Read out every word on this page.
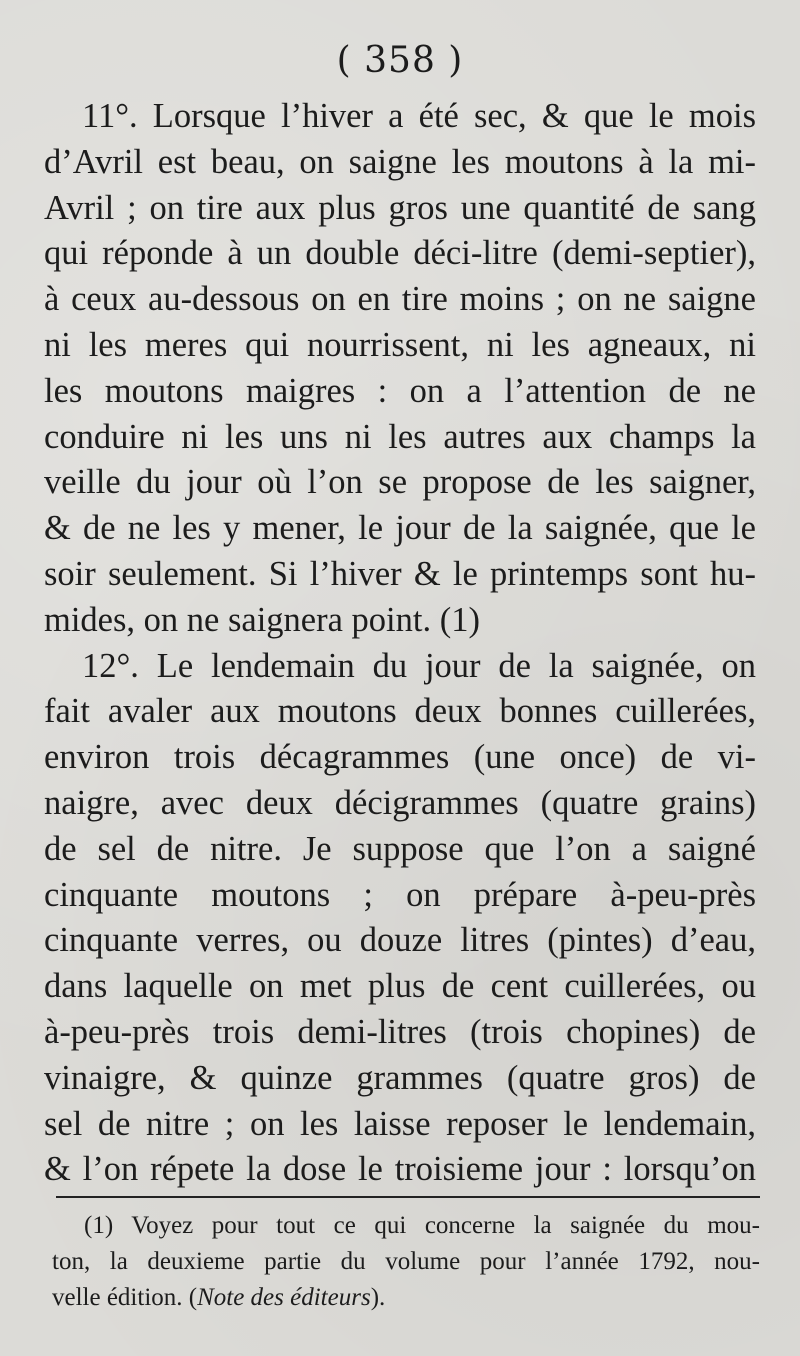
( 358 )
11°. Lorsque l’hiver a été sec, & que le mois
d’Avril est beau, on saigne les moutons à la mi-
Avril ; on tire aux plus gros une quantité de sang
qui réponde à un double déci-litre (demi-septier),
à ceux au-dessous on en tire moins ; on ne saigne
ni les meres qui nourrissent, ni les agneaux, ni
les moutons maigres : on a l’attention de ne
conduire ni les uns ni les autres aux champs la
veille du jour où l’on se propose de les saigner,
& de ne les y mener, le jour de la saignée, que le
soir seulement. Si l’hiver & le printemps sont hu-
mides, on ne saignera point. (1)
12°. Le lendemain du jour de la saignée, on
fait avaler aux moutons deux bonnes cuillerées,
environ trois décagrammes (une once) de vi-
naigre, avec deux décigrammes (quatre grains)
de sel de nitre. Je suppose que l’on a saigné
cinquante moutons ; on prépare à-peu-près
cinquante verres, ou douze litres (pintes) d’eau,
dans laquelle on met plus de cent cuillerées, ou
à-peu-près trois demi-litres (trois chopines) de
vinaigre, & quinze grammes (quatre gros) de
sel de nitre ; on les laisse reposer le lendemain,
& l’on répete la dose le troisieme jour : lorsqu’on
(1) Voyez pour tout ce qui concerne la saignée du mou-
ton, la deuxieme partie du volume pour l’année 1792, nou-
velle édition. (Note des éditeurs).
